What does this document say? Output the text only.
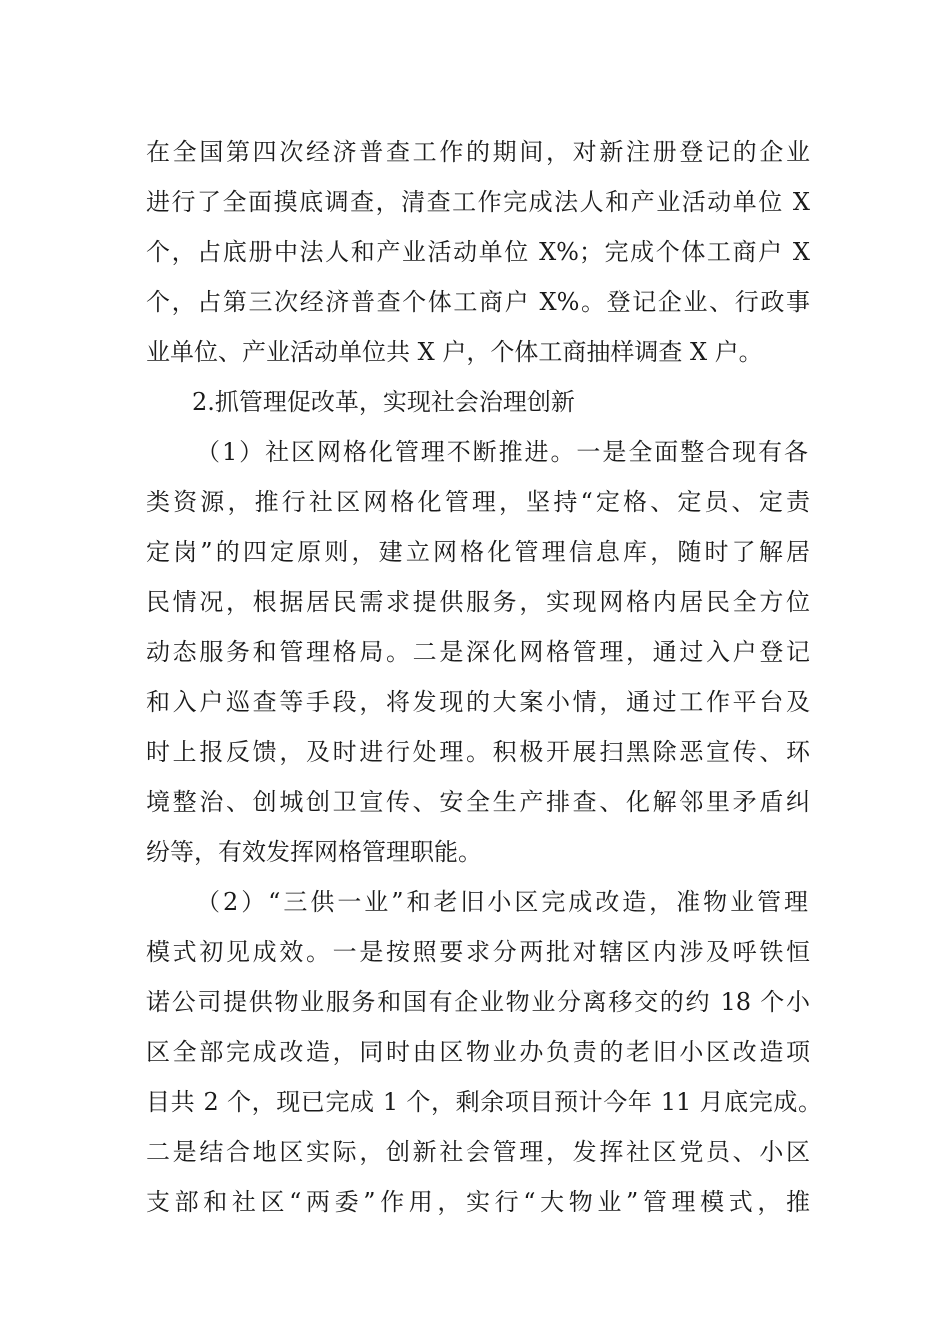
在全国第四次经济普查工作的期间，对新注册登记的企业
进行了全面摸底调查，清查工作完成法人和产业活动单位 X
个，占底册中法人和产业活动单位 X%；完成个体工商户 X
个，占第三次经济普查个体工商户 X%。登记企业、行政事
业单位、产业活动单位共 X 户，个体工商抽样调查 X 户。
2.抓管理促改革，实现社会治理创新
（1）社区网格化管理不断推进。一是全面整合现有各
类资源，推行社区网格化管理，坚持“定格、定员、定责
定岗”的四定原则，建立网格化管理信息库，随时了解居
民情况，根据居民需求提供服务，实现网格内居民全方位
动态服务和管理格局。二是深化网格管理，通过入户登记
和入户巡查等手段，将发现的大案小情，通过工作平台及
时上报反馈，及时进行处理。积极开展扫黑除恶宣传、环
境整治、创城创卫宣传、安全生产排查、化解邻里矛盾纠
纷等，有效发挥网格管理职能。
（2）“三供一业”和老旧小区完成改造，准物业管理
模式初见成效。一是按照要求分两批对辖区内涉及呼铁恒
诺公司提供物业服务和国有企业物业分离移交的约 18 个小
区全部完成改造，同时由区物业办负责的老旧小区改造项
目共 2 个，现已完成 1 个，剩余项目预计今年 11 月底完成。
二是结合地区实际，创新社会管理，发挥社区党员、小区
支部和社区“两委”作用，实行“大物业”管理模式，推
